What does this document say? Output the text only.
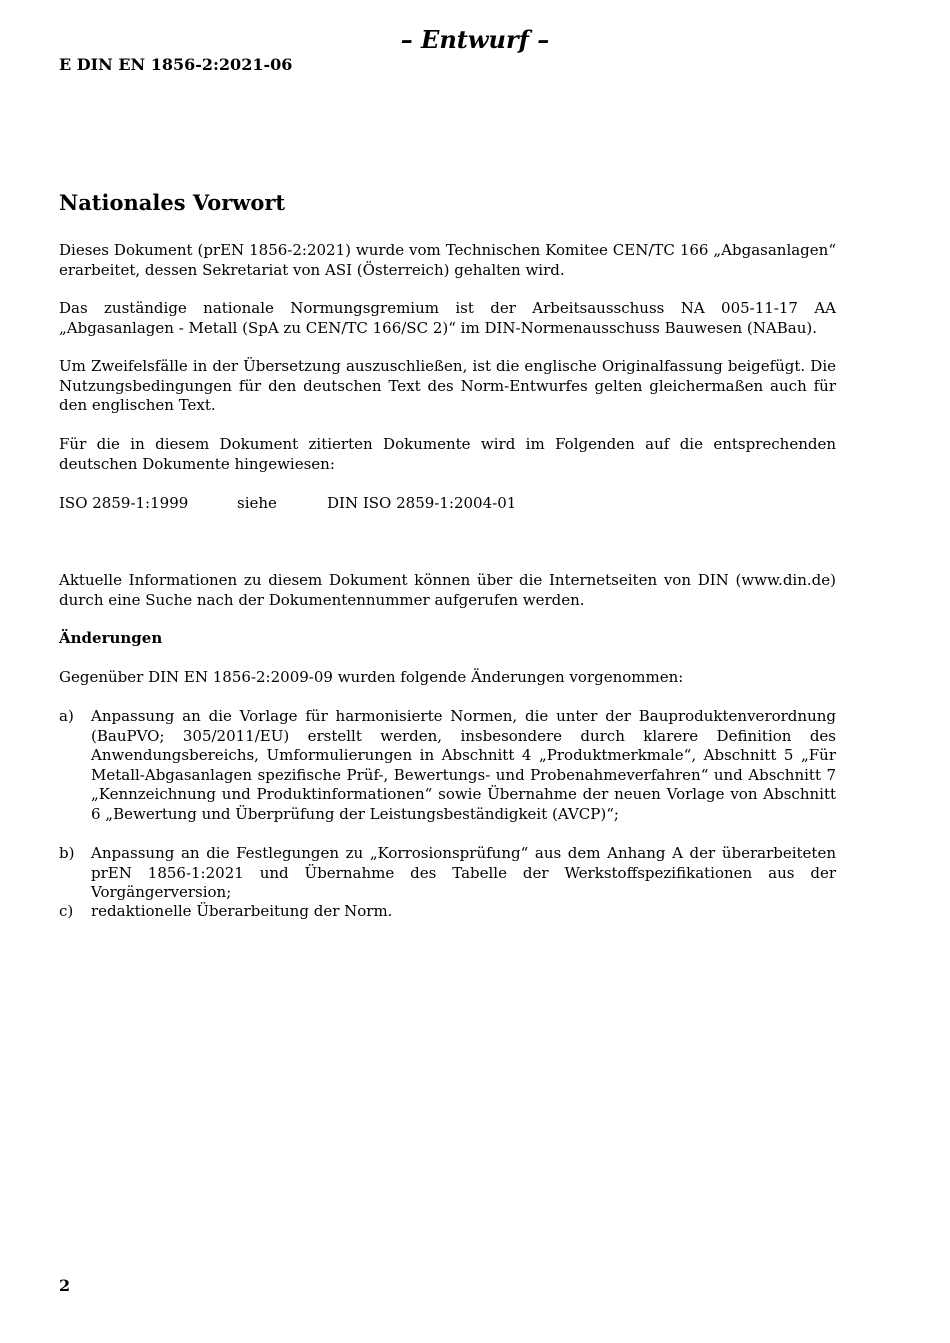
– Entwurf –
E DIN EN 1856-2:2021-06
Nationales Vorwort

Dieses Dokument (prEN 1856-2:2021) wurde vom Technischen Komitee CEN/TC 166 „Abgasanlagen“ erarbeitet, dessen Sekretariat von ASI (Österreich) gehalten wird.

Das zuständige nationale Normungsgremium ist der Arbeitsausschuss NA 005-11-17 AA „Abgasanlagen - Metall (SpA zu CEN/TC 166/SC 2)“ im DIN-Normenausschuss Bauwesen (NABau).

Um Zweifelsfälle in der Übersetzung auszuschließen, ist die englische Originalfassung beigefügt. Die Nutzungsbedingungen für den deutschen Text des Norm-Entwurfes gelten gleichermaßen auch für den englischen Text.

Für die in diesem Dokument zitierten Dokumente wird im Folgenden auf die entsprechenden deutschen Dokumente hingewiesen:

ISO 2859-1:1999	siehe	DIN ISO 2859-1:2004-01

Aktuelle Informationen zu diesem Dokument können über die Internetseiten von DIN (www.din.de) durch eine Suche nach der Dokumentennummer aufgerufen werden.

Änderungen

Gegenüber DIN EN 1856-2:2009-09 wurden folgende Änderungen vorgenommen:

a) Anpassung an die Vorlage für harmonisierte Normen, die unter der Bauproduktenverordnung (BauPVO; 305/2011/EU) erstellt werden, insbesondere durch klarere Definition des Anwendungsbereichs, Umformulierungen in Abschnitt 4 „Produktmerkmale“, Abschnitt 5 „Für Metall-Abgasanlagen spezifische Prüf-, Bewertungs- und Probenahmeverfahren“ und Abschnitt 7 „Kennzeichnung und Produktinformationen“ sowie Übernahme der neuen Vorlage von Abschnitt 6 „Bewertung und Überprüfung der Leistungsbeständigkeit (AVCP)“;
b) Anpassung an die Festlegungen zu „Korrosionsprüfung“ aus dem Anhang A der überarbeiteten prEN 1856-1:2021 und Übernahme des Tabelle der Werkstoffspezifikationen aus der Vorgängerversion;
c) redaktionelle Überarbeitung der Norm.
2
